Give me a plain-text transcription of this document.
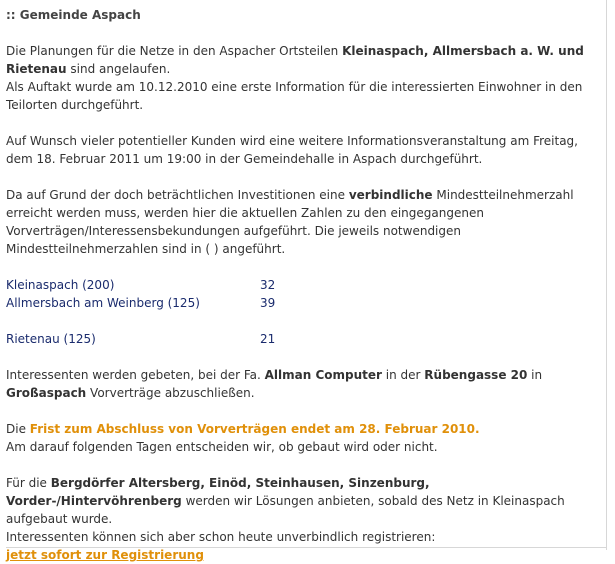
:: Gemeinde Aspach

Die Planungen für die Netze in den Aspacher Ortsteilen Kleinaspach, Allmersbach a. W. und Rietenau sind angelaufen.
Als Auftakt wurde am 10.12.2010 eine erste Information für die interessierten Einwohner in den Teilorten durchgeführt.

Auf Wunsch vieler potentieller Kunden wird eine weitere Informationsveranstaltung am Freitag, dem 18. Februar 2011 um 19:00 in der Gemeindehalle in Aspach durchgeführt.

Da auf Grund der doch beträchtlichen Investitionen eine verbindliche Mindestteilnehmerzahl erreicht werden muss, werden hier die aktuellen Zahlen zu den eingegangenen Vorverträgen/Interessensbekundungen aufgeführt. Die jeweils notwendigen Mindestteilnehmerzahlen sind in ( ) angeführt.

Kleinaspach (200)	32
Allmersbach am Weinberg (125)	39
Rietenau (125)	21

Interessenten werden gebeten, bei der Fa. Allman Computer in der Rübengasse 20 in Großaspach Vorverträge abzuschließen.

Die Frist zum Abschluss von Vorverträgen endet am 28. Februar 2010.
Am darauf folgenden Tagen entscheiden wir, ob gebaut wird oder nicht.

Für die Bergdörfer Altersberg, Einöd, Steinhausen, Sinzenburg, Vorder-/Hintervöhrenberg werden wir Lösungen anbieten, sobald des Netz in Kleinaspach aufgebaut wurde.
Interessenten können sich aber schon heute unverbindlich registrieren:
jetzt sofort zur Registrierung
